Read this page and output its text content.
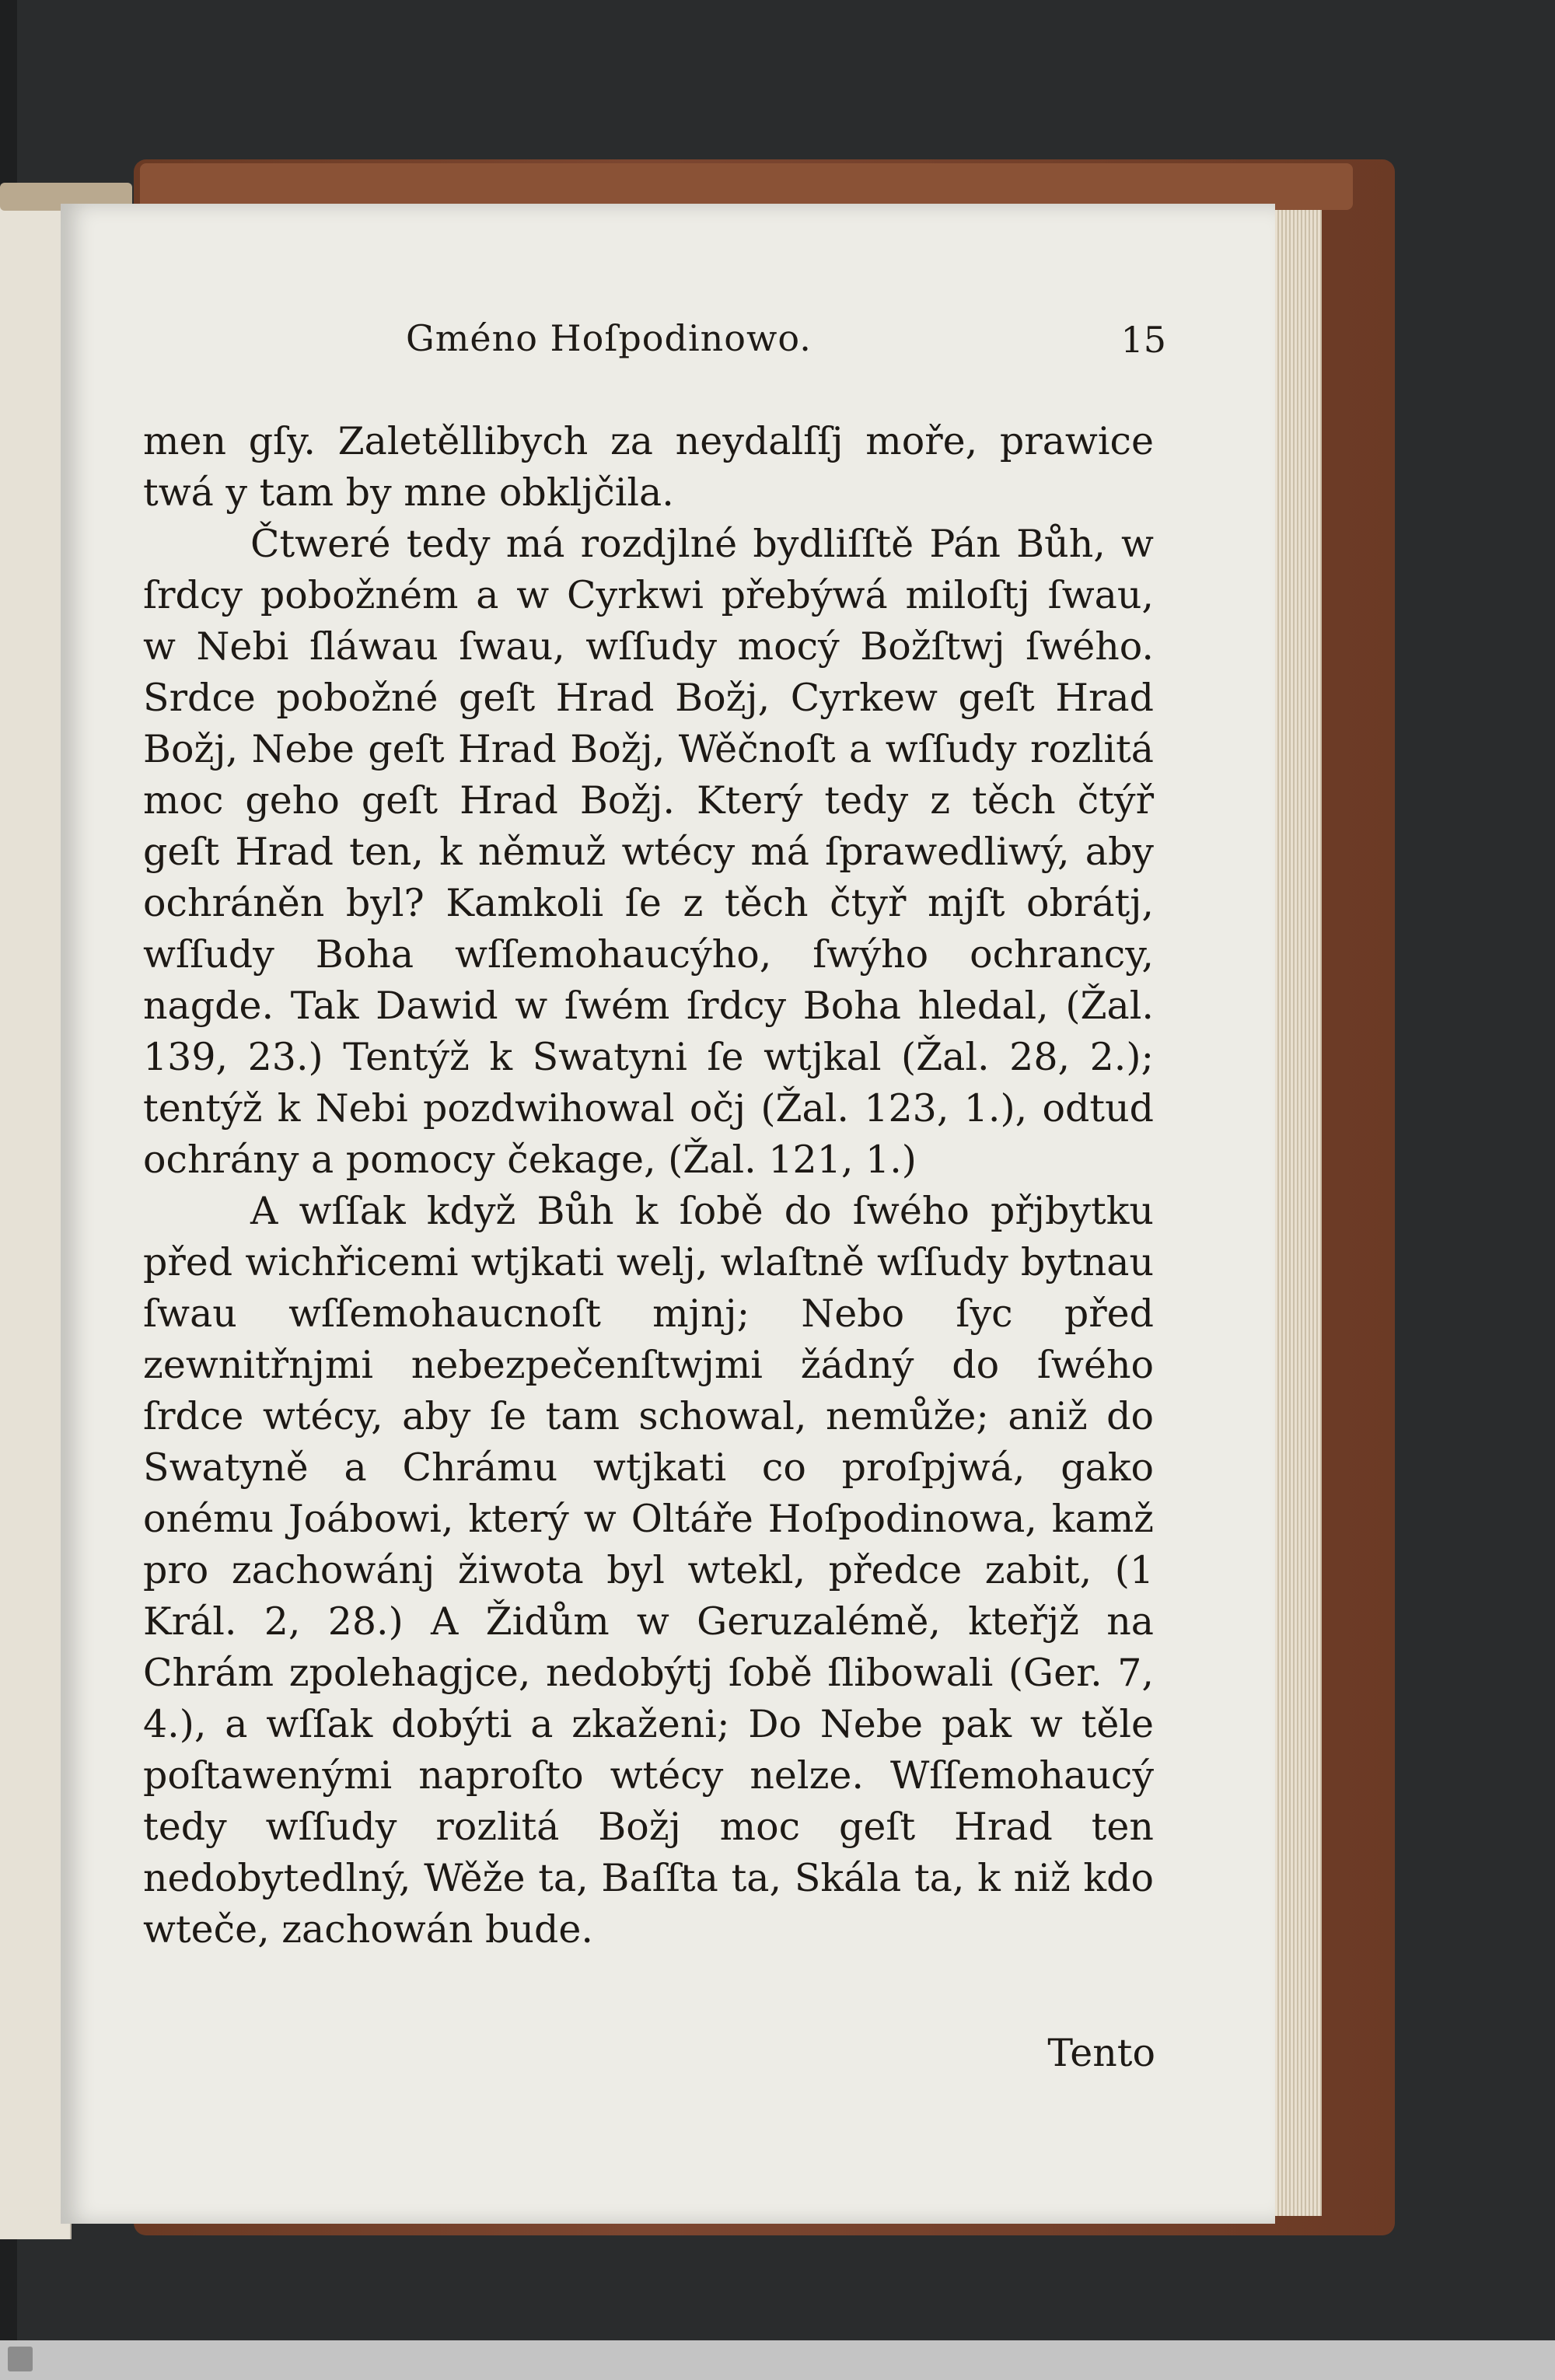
Gméno Hoſpodinowo.	15

men gſy. Zaletěllibych za neydalſſj moře, prawice twá y tam by mne obkljčila.

Čtweré tedy má rozdjlné bydliſſtě Pán Bůh, w ſrdcy pobožném a w Cyrkwi přebýwá miloſtj ſwau, w Nebi ſláwau ſwau, wſſudy mocý Božſtwj ſwého. Srdce pobožné geſt Hrad Božj, Cyrkew geſt Hrad Božj, Nebe geſt Hrad Božj, Wěčnoſt a wſſudy rozlitá moc geho geſt Hrad Božj. Který tedy z těch čtýř geſt Hrad ten, k němuž wtécy má ſprawedliwý, aby ochráněn byl? Kamkoli ſe z těch čtyř mjſt obrátj, wſſudy Boha wſſemohaucýho, ſwýho ochrancy, nagde. Tak Dawid w ſwém ſrdcy Boha hledal, (Žal. 139, 23.) Tentýž k Swatyni ſe wtjkal (Žal. 28, 2.); tentýž k Nebi pozdwihowal očj (Žal. 123, 1.), odtud ochrány a pomocy čekage, (Žal. 121, 1.)

A wſſak když Bůh k ſobě do ſwého přjbytku před wichřicemi wtjkati welj, wlaſtně wſſudy bytnau ſwau wſſemohaucnoſt mjnj; Nebo ſyc před zewnitřnjmi nebezpečenſtwjmi žádný do ſwého ſrdce wtécy, aby ſe tam schowal, nemůže; aniž do Swatyně a Chrámu wtjkati co proſpjwá, gako onému Joábowi, který w Oltáře Hoſpodinowa, kamž pro zachowánj žiwota byl wtekl, předce zabit, (1 Král. 2, 28.) A Židům w Geruzalémě, kteřjž na Chrám zpolehagjce, nedobýtj ſobě ſlibowali (Ger. 7, 4.), a wſſak dobýti a zkaženi; Do Nebe pak w těle poſtawenými naproſto wtécy nelze. Wſſemohaucý tedy wſſudy rozlitá Božj moc geſt Hrad ten nedobytedlný, Wěže ta, Baſſta ta, Skála ta, k niž kdo wteče, zachowán bude.

Tento
